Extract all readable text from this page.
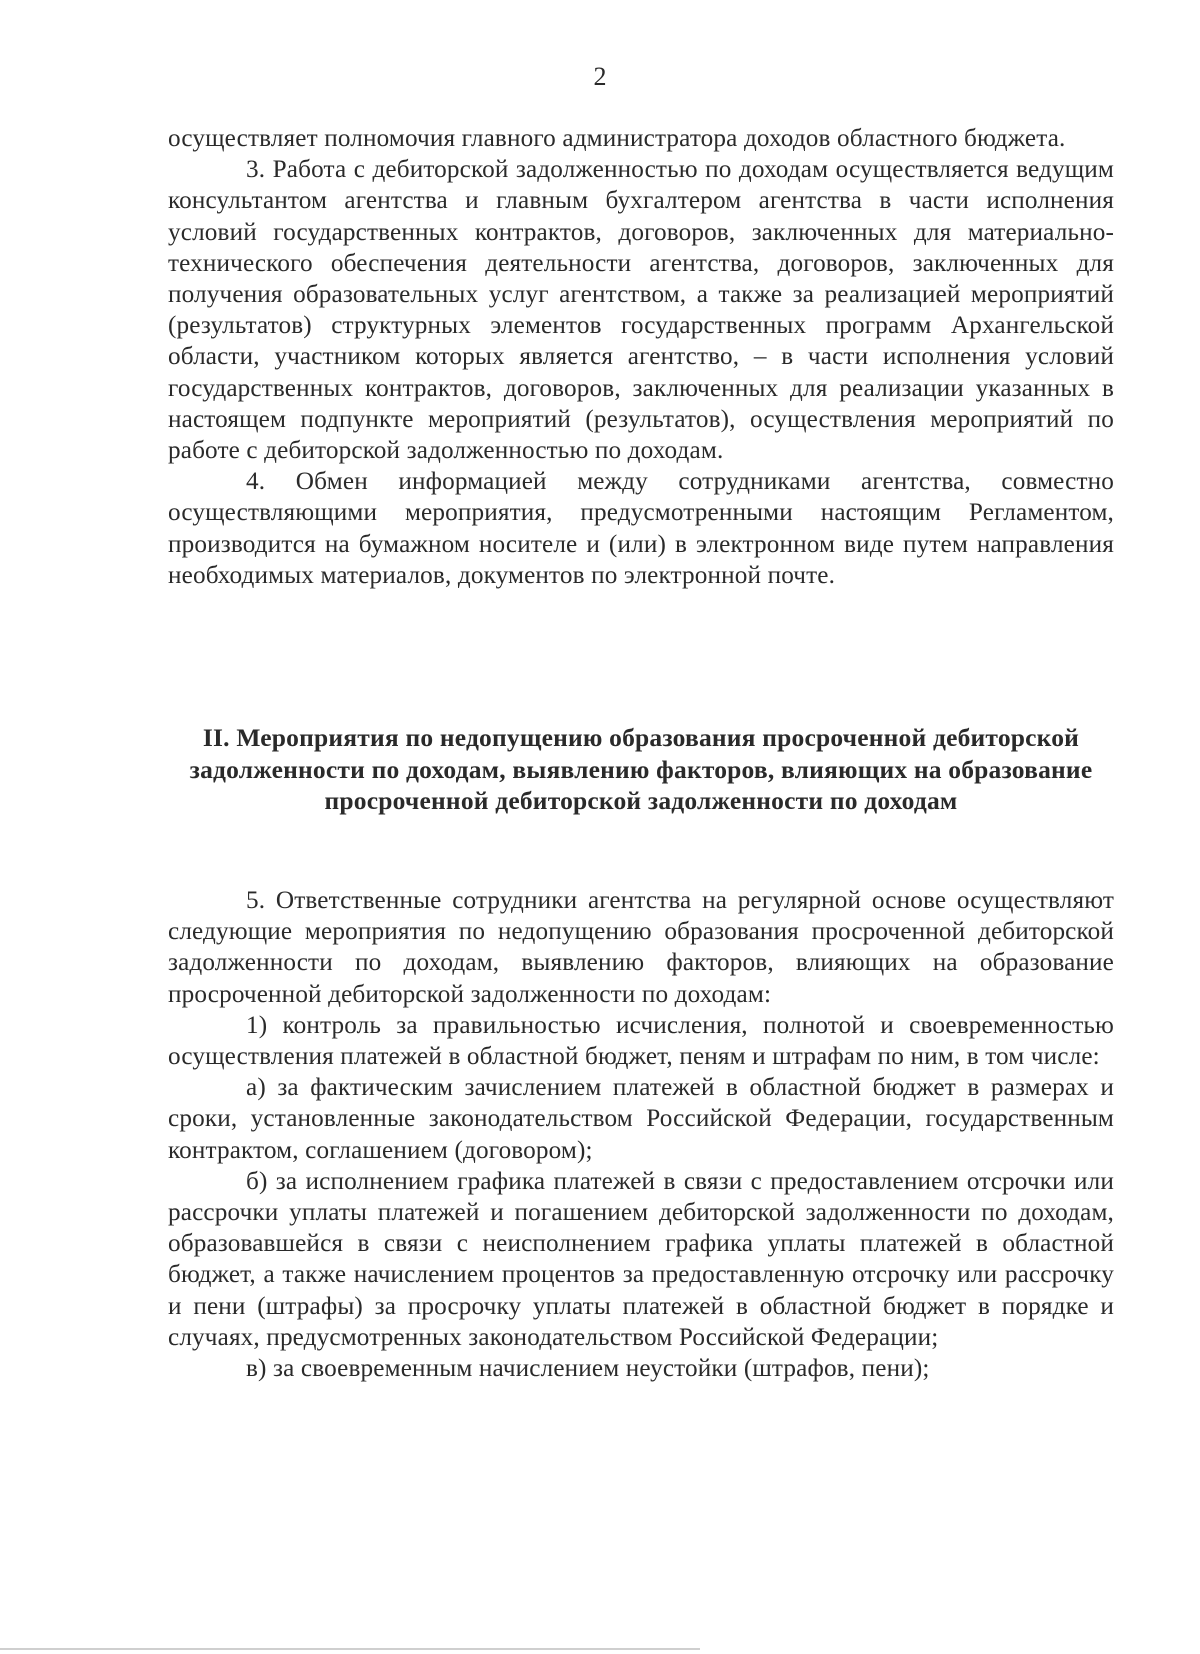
2

осуществляет полномочия главного администратора доходов областного бюджета.

3. Работа с дебиторской задолженностью по доходам осуществляется ведущим консультантом агентства и главным бухгалтером агентства в части исполнения условий государственных контрактов, договоров, заключенных для материально-технического обеспечения деятельности агентства, договоров, заключенных для получения образовательных услуг агентством, а также за реализацией мероприятий (результатов) структурных элементов государственных программ Архангельской области, участником которых является агентство, – в части исполнения условий государственных контрактов, договоров, заключенных для реализации указанных в настоящем подпункте мероприятий (результатов), осуществления мероприятий по работе с дебиторской задолженностью по доходам.

4. Обмен информацией между сотрудниками агентства, совместно осуществляющими мероприятия, предусмотренными настоящим Регламентом, производится на бумажном носителе и (или) в электронном виде путем направления необходимых материалов, документов по электронной почте.

II. Мероприятия по недопущению образования просроченной дебиторской задолженности по доходам, выявлению факторов, влияющих на образование просроченной дебиторской задолженности по доходам

5. Ответственные сотрудники агентства на регулярной основе осуществляют следующие мероприятия по недопущению образования просроченной дебиторской задолженности по доходам, выявлению факторов, влияющих на образование просроченной дебиторской задолженности по доходам:

1) контроль за правильностью исчисления, полнотой и своевременностью осуществления платежей в областной бюджет, пеням и штрафам по ним, в том числе:

а) за фактическим зачислением платежей в областной бюджет в размерах и сроки, установленные законодательством Российской Федерации, государственным контрактом, соглашением (договором);

б) за исполнением графика платежей в связи с предоставлением отсрочки или рассрочки уплаты платежей и погашением дебиторской задолженности по доходам, образовавшейся в связи с неисполнением графика уплаты платежей в областной бюджет, а также начислением процентов за предоставленную отсрочку или рассрочку и пени (штрафы) за просрочку уплаты платежей в областной бюджет в порядке и случаях, предусмотренных законодательством Российской Федерации;

в) за своевременным начислением неустойки (штрафов, пени);
